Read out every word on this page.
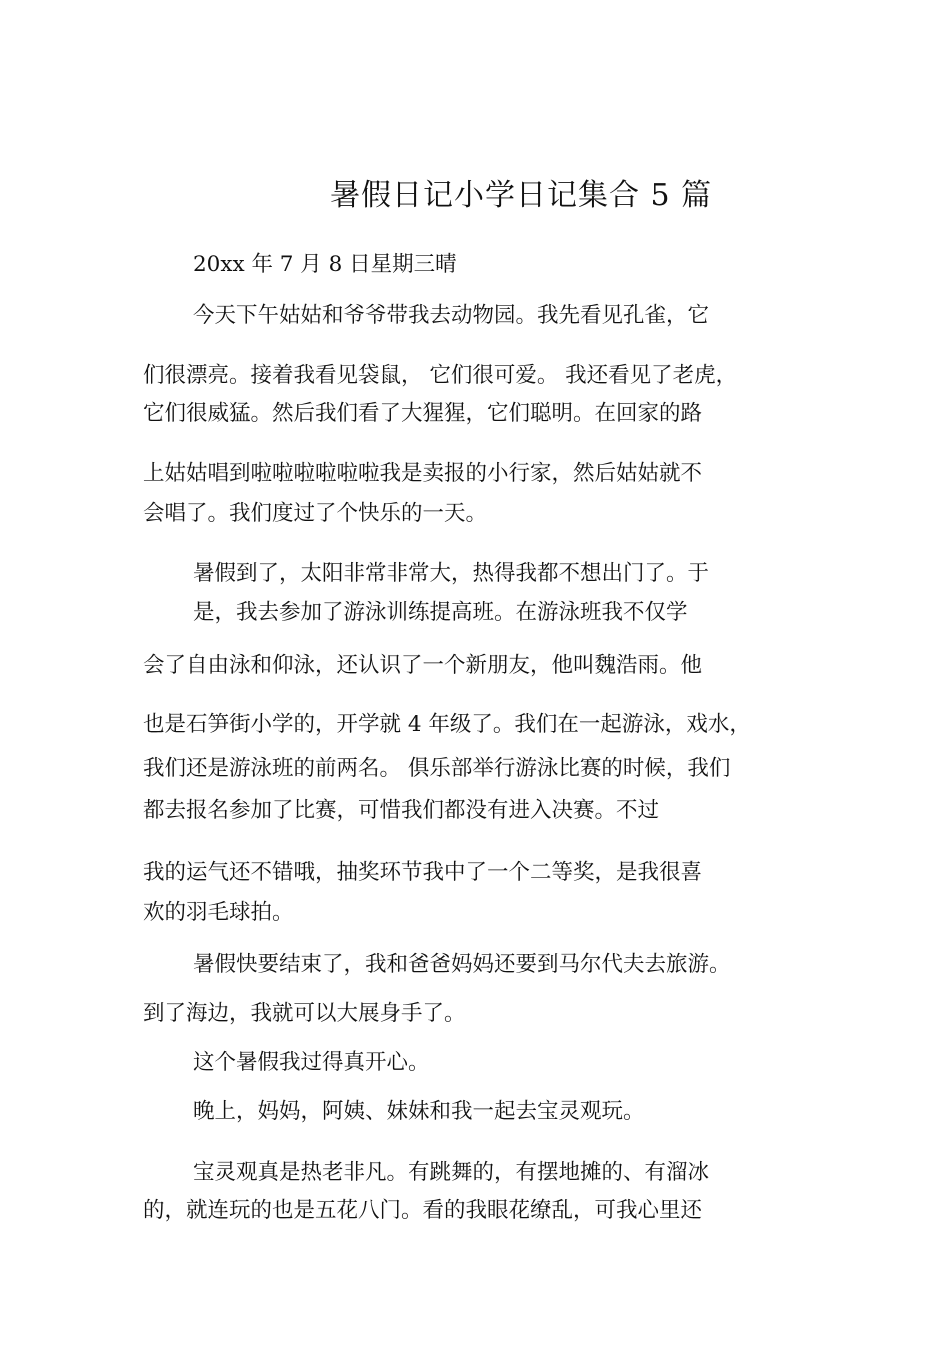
暑假日记小学日记集合 5 篇
20xx 年 7 月 8 日星期三晴
今天下午姑姑和爷爷带我去动物园。我先看见孔雀，它
们很漂亮。接着我看见袋鼠， 它们很可爱。 我还看见了老虎，
它们很威猛。然后我们看了大猩猩，它们聪明。在回家的路
上姑姑唱到啦啦啦啦啦啦我是卖报的小行家，然后姑姑就不
会唱了。我们度过了个快乐的一天。
暑假到了，太阳非常非常大，热得我都不想出门了。于
是，我去参加了游泳训练提高班。在游泳班我不仅学
会了自由泳和仰泳，还认识了一个新朋友，他叫魏浩雨。他
也是石笋街小学的，开学就 4 年级了。我们在一起游泳，戏水，
我们还是游泳班的前两名。 俱乐部举行游泳比赛的时候，我们
都去报名参加了比赛，可惜我们都没有进入决赛。不过
我的运气还不错哦，抽奖环节我中了一个二等奖，是我很喜
欢的羽毛球拍。
暑假快要结束了，我和爸爸妈妈还要到马尔代夫去旅游。
到了海边，我就可以大展身手了。
这个暑假我过得真开心。
晚上，妈妈，阿姨、妹妹和我一起去宝灵观玩。
宝灵观真是热老非凡。有跳舞的，有摆地摊的、有溜冰
的，就连玩的也是五花八门。看的我眼花缭乱，可我心里还
